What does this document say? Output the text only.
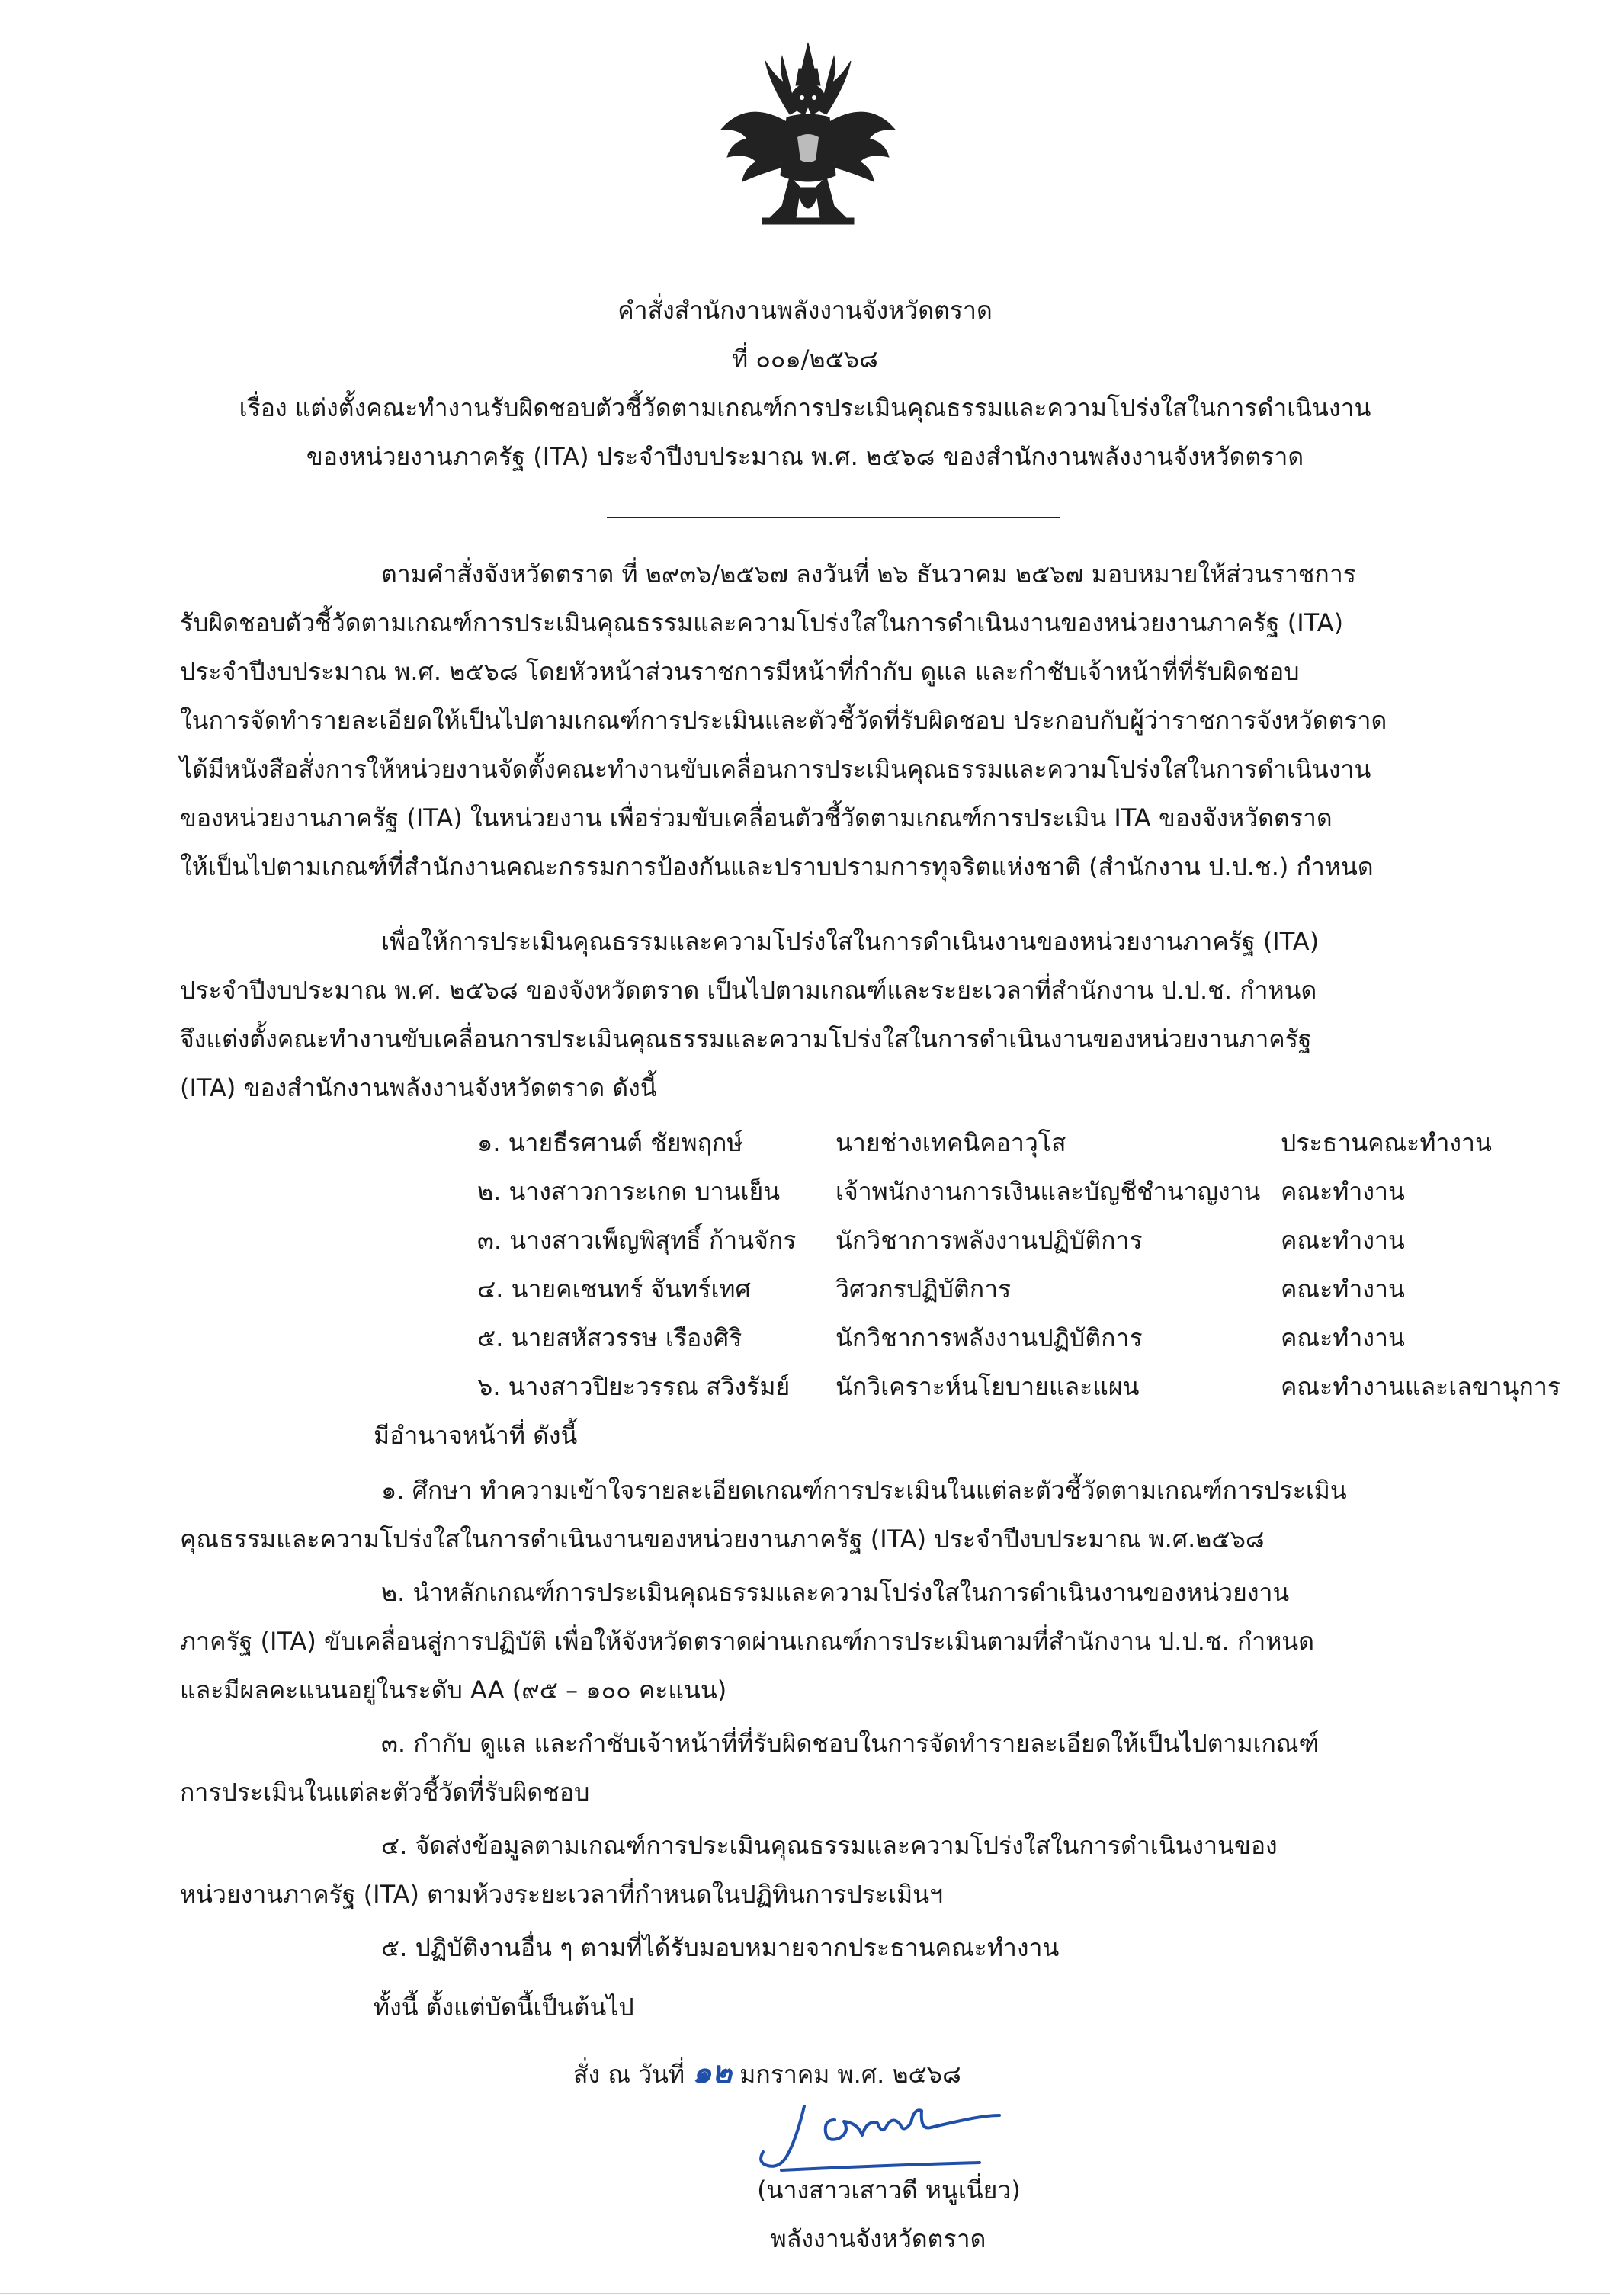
คำสั่งสำนักงานพลังงานจังหวัดตราด
ที่ ๐๐๑/๒๕๖๘
เรื่อง แต่งตั้งคณะทำงานรับผิดชอบตัวชี้วัดตามเกณฑ์การประเมินคุณธรรมและความโปร่งใสในการดำเนินงาน
ของหน่วยงานภาครัฐ (ITA) ประจำปีงบประมาณ พ.ศ. ๒๕๖๘ ของสำนักงานพลังงานจังหวัดตราด
ตามคำสั่งจังหวัดตราด ที่ ๒๙๓๖/๒๕๖๗ ลงวันที่ ๒๖ ธันวาคม ๒๕๖๗ มอบหมายให้ส่วนราชการ
รับผิดชอบตัวชี้วัดตามเกณฑ์การประเมินคุณธรรมและความโปร่งใสในการดำเนินงานของหน่วยงานภาครัฐ (ITA)
ประจำปีงบประมาณ พ.ศ. ๒๕๖๘ โดยหัวหน้าส่วนราชการมีหน้าที่กำกับ ดูแล และกำชับเจ้าหน้าที่ที่รับผิดชอบ
ในการจัดทำรายละเอียดให้เป็นไปตามเกณฑ์การประเมินและตัวชี้วัดที่รับผิดชอบ ประกอบกับผู้ว่าราชการจังหวัดตราด
ได้มีหนังสือสั่งการให้หน่วยงานจัดตั้งคณะทำงานขับเคลื่อนการประเมินคุณธรรมและความโปร่งใสในการดำเนินงาน
ของหน่วยงานภาครัฐ (ITA) ในหน่วยงาน เพื่อร่วมขับเคลื่อนตัวชี้วัดตามเกณฑ์การประเมิน ITA ของจังหวัดตราด
ให้เป็นไปตามเกณฑ์ที่สำนักงานคณะกรรมการป้องกันและปราบปรามการทุจริตแห่งชาติ (สำนักงาน ป.ป.ช.) กำหนด
เพื่อให้การประเมินคุณธรรมและความโปร่งใสในการดำเนินงานของหน่วยงานภาครัฐ (ITA)
ประจำปีงบประมาณ พ.ศ. ๒๕๖๘ ของจังหวัดตราด เป็นไปตามเกณฑ์และระยะเวลาที่สำนักงาน ป.ป.ช. กำหนด
จึงแต่งตั้งคณะทำงานขับเคลื่อนการประเมินคุณธรรมและความโปร่งใสในการดำเนินงานของหน่วยงานภาครัฐ
(ITA) ของสำนักงานพลังงานจังหวัดตราด ดังนี้
๑. นายธีรศานต์ ชัยพฤกษ์	นายช่างเทคนิคอาวุโส	ประธานคณะทำงาน
๒. นางสาวการะเกด บานเย็น เจ้าพนักงานการเงินและบัญชีชำนาญงาน คณะทำงาน
๓. นางสาวเพ็ญพิสุทธิ์ ก้านจักร นักวิชาการพลังงานปฏิบัติการ	คณะทำงาน
๔. นายคเชนทร์ จันทร์เทศ	วิศวกรปฏิบัติการ	คณะทำงาน
๕. นายสหัสวรรษ เรืองศิริ	นักวิชาการพลังงานปฏิบัติการ	คณะทำงาน
๖. นางสาวปิยะวรรณ สวิงรัมย์ นักวิเคราะห์นโยบายและแผน	คณะทำงานและเลขานุการ
มีอำนาจหน้าที่ ดังนี้
๑. ศึกษา ทำความเข้าใจรายละเอียดเกณฑ์การประเมินในแต่ละตัวชี้วัดตามเกณฑ์การประเมิน
คุณธรรมและความโปร่งใสในการดำเนินงานของหน่วยงานภาครัฐ (ITA) ประจำปีงบประมาณ พ.ศ.๒๕๖๘
๒. นำหลักเกณฑ์การประเมินคุณธรรมและความโปร่งใสในการดำเนินงานของหน่วยงาน
ภาครัฐ (ITA) ขับเคลื่อนสู่การปฏิบัติ เพื่อให้จังหวัดตราดผ่านเกณฑ์การประเมินตามที่สำนักงาน ป.ป.ช. กำหนด
และมีผลคะแนนอยู่ในระดับ AA (๙๕ – ๑๐๐ คะแนน)
๓. กำกับ ดูแล และกำชับเจ้าหน้าที่ที่รับผิดชอบในการจัดทำรายละเอียดให้เป็นไปตามเกณฑ์
การประเมินในแต่ละตัวชี้วัดที่รับผิดชอบ
๔. จัดส่งข้อมูลตามเกณฑ์การประเมินคุณธรรมและความโปร่งใสในการดำเนินงานของ
หน่วยงานภาครัฐ (ITA) ตามห้วงระยะเวลาที่กำหนดในปฏิทินการประเมินฯ
๕. ปฏิบัติงานอื่น ๆ ตามที่ได้รับมอบหมายจากประธานคณะทำงาน
ทั้งนี้ ตั้งแต่บัดนี้เป็นต้นไป
สั่ง ณ วันที่ ๑๒ มกราคม พ.ศ. ๒๕๖๘
(นางสาวเสาวดี หนูเนี่ยว)
พลังงานจังหวัดตราด
